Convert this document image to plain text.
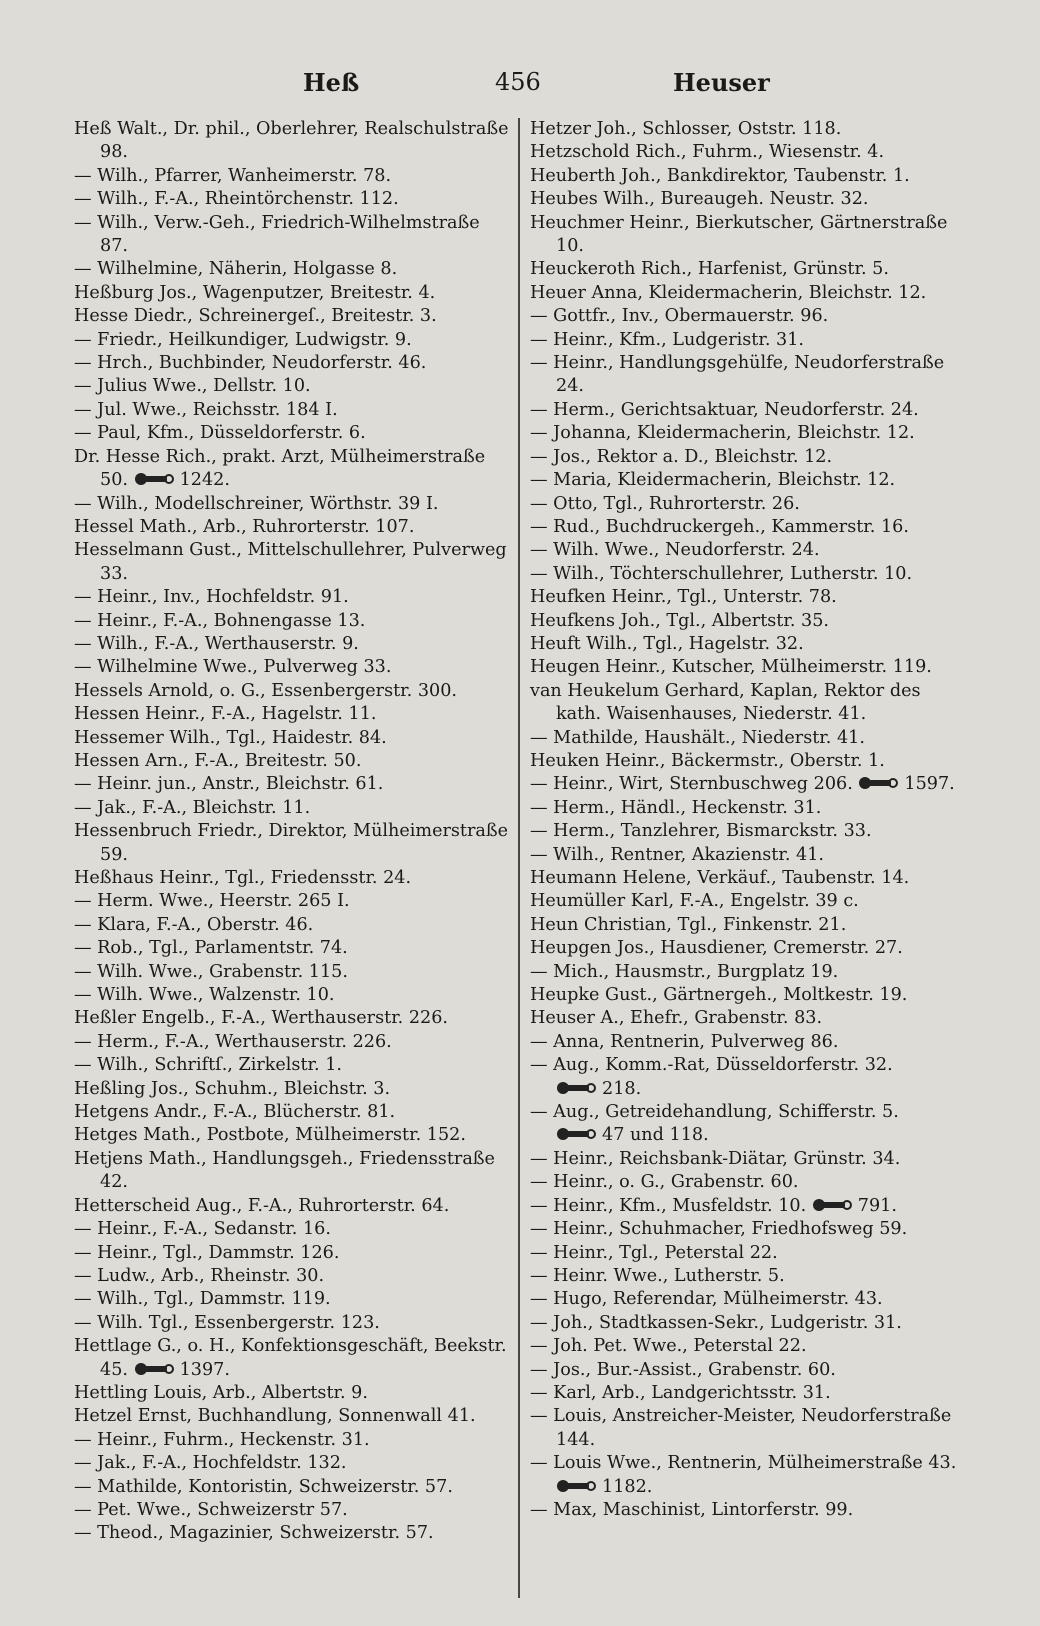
Heß	456	Heuser
Heß Walt., Dr. phil., Oberlehrer, Realschulstraße 98.
— Wilh., Pfarrer, Wanheimerstr. 78.
— Wilh., F.-A., Rheintörchenstr. 112.
— Wilh., Verw.-Geh., Friedrich-Wilhelmstraße 87.
— Wilhelmine, Näherin, Holgasse 8.
Heßburg Jos., Wagenputzer, Breitestr. 4.
Hesse Diedr., Schreinergeſ., Breitestr. 3.
— Friedr., Heilkundiger, Ludwigstr. 9.
— Hrch., Buchbinder, Neudorferstr. 46.
— Julius Wwe., Dellstr. 10.
— Jul. Wwe., Reichsstr. 184 I.
— Paul, Kfm., Düsseldorferstr. 6.
Dr. Hesse Rich., prakt. Arzt, Mülheimerstraße 50.	1242.
— Wilh., Modellschreiner, Wörthstr. 39 I.
Hessel Math., Arb., Ruhrorterstr. 107.
Hesselmann Gust., Mittelschullehrer, Pulverweg 33.
— Heinr., Inv., Hochfeldstr. 91.
— Heinr., F.-A., Bohnengasse 13.
— Wilh., F.-A., Werthauserstr. 9.
— Wilhelmine Wwe., Pulverweg 33.
Hessels Arnold, o. G., Essenbergerstr. 300.
Hessen Heinr., F.-A., Hagelstr. 11.
Hessemer Wilh., Tgl., Haidestr. 84.
Hessen Arn., F.-A., Breitestr. 50.
— Heinr. jun., Anstr., Bleichstr. 61.
— Jak., F.-A., Bleichstr. 11.
Hessenbruch Friedr., Direktor, Mülheimerstraße 59.
Heßhaus Heinr., Tgl., Friedensstr. 24.
— Herm. Wwe., Heerstr. 265 I.
— Klara, F.-A., Oberstr. 46.
— Rob., Tgl., Parlamentstr. 74.
— Wilh. Wwe., Grabenstr. 115.
— Wilh. Wwe., Walzenstr. 10.
Heßler Engelb., F.-A., Werthauserstr. 226.
— Herm., F.-A., Werthauserstr. 226.
— Wilh., Schriftſ., Zirkelstr. 1.
Heßling Jos., Schuhm., Bleichstr. 3.
Hetgens Andr., F.-A., Blücherstr. 81.
Hetges Math., Postbote, Mülheimerstr. 152.
Hetjens Math., Handlungsgeh., Friedensstraße 42.
Hetterscheid Aug., F.-A., Ruhrorterstr. 64.
— Heinr., F.-A., Sedanstr. 16.
— Heinr., Tgl., Dammstr. 126.
— Ludw., Arb., Rheinstr. 30.
— Wilh., Tgl., Dammstr. 119.
— Wilh. Tgl., Essenbergerstr. 123.
Hettlage G., o. H., Konfektionsgeschäft, Beekstr. 45.	1397.
Hettling Louis, Arb., Albertstr. 9.
Hetzel Ernst, Buchhandlung, Sonnenwall 41.
— Heinr., Fuhrm., Heckenstr. 31.
— Jak., F.-A., Hochfeldstr. 132.
— Mathilde, Kontoristin, Schweizerstr. 57.
— Pet. Wwe., Schweizerstr 57.
— Theod., Magazinier, Schweizerstr. 57.
Hetzer Joh., Schlosser, Oststr. 118.
Hetzschold Rich., Fuhrm., Wiesenstr. 4.
Heuberth Joh., Bankdirektor, Taubenstr. 1.
Heubes Wilh., Bureaugeh. Neustr. 32.
Heuchmer Heinr., Bierkutscher, Gärtnerstraße 10.
Heuckeroth Rich., Harfenist, Grünstr. 5.
Heuer Anna, Kleidermacherin, Bleichstr. 12.
— Gottfr., Inv., Obermauerstr. 96.
— Heinr., Kfm., Ludgeristr. 31.
— Heinr., Handlungsgehülfe, Neudorferstraße 24.
— Herm., Gerichtsaktuar, Neudorferstr. 24.
— Johanna, Kleidermacherin, Bleichstr. 12.
— Jos., Rektor a. D., Bleichstr. 12.
— Maria, Kleidermacherin, Bleichstr. 12.
— Otto, Tgl., Ruhrorterstr. 26.
— Rud., Buchdruckergeh., Kammerstr. 16.
— Wilh. Wwe., Neudorferstr. 24.
— Wilh., Töchterschullehrer, Lutherstr. 10.
Heufken Heinr., Tgl., Unterstr. 78.
Heufkens Joh., Tgl., Albertstr. 35.
Heuft Wilh., Tgl., Hagelstr. 32.
Heugen Heinr., Kutscher, Mülheimerstr. 119.
van Heukelum Gerhard, Kaplan, Rektor des kath. Waisenhauses, Niederstr. 41.
— Mathilde, Haushält., Niederstr. 41.
Heuken Heinr., Bäckermstr., Oberstr. 1.
— Heinr., Wirt, Sternbuschweg 206.	1597.
— Herm., Händl., Heckenstr. 31.
— Herm., Tanzlehrer, Bismarckstr. 33.
— Wilh., Rentner, Akazienstr. 41.
Heumann Helene, Verkäuf., Taubenstr. 14.
Heumüller Karl, F.-A., Engelstr. 39 c.
Heun Christian, Tgl., Finkenstr. 21.
Heupgen Jos., Hausdiener, Cremerstr. 27.
— Mich., Hausmstr., Burgplatz 19.
Heupke Gust., Gärtnergeh., Moltkestr. 19.
Heuser A., Ehefr., Grabenstr. 83.
— Anna, Rentnerin, Pulverweg 86.
— Aug., Komm.-Rat, Düsseldorferstr. 32. 218.
— Aug., Getreidehandlung, Schifferstr. 5. 47 und 118.
— Heinr., Reichsbank-Diätar, Grünstr. 34.
— Heinr., o. G., Grabenstr. 60.
— Heinr., Kfm., Musfeldstr. 10.	791.
— Heinr., Schuhmacher, Friedhofsweg 59.
— Heinr., Tgl., Peterstal 22.
— Heinr. Wwe., Lutherstr. 5.
— Hugo, Referendar, Mülheimerstr. 43.
— Joh., Stadtkassen-Sekr., Ludgeristr. 31.
— Joh. Pet. Wwe., Peterstal 22.
— Jos., Bur.-Assist., Grabenstr. 60.
— Karl, Arb., Landgerichtsstr. 31.
— Louis, Anstreicher-Meister, Neudorferstraße 144.
— Louis Wwe., Rentnerin, Mülheimerstraße 43. 1182.
— Max, Maschinist, Lintorferstr. 99.
